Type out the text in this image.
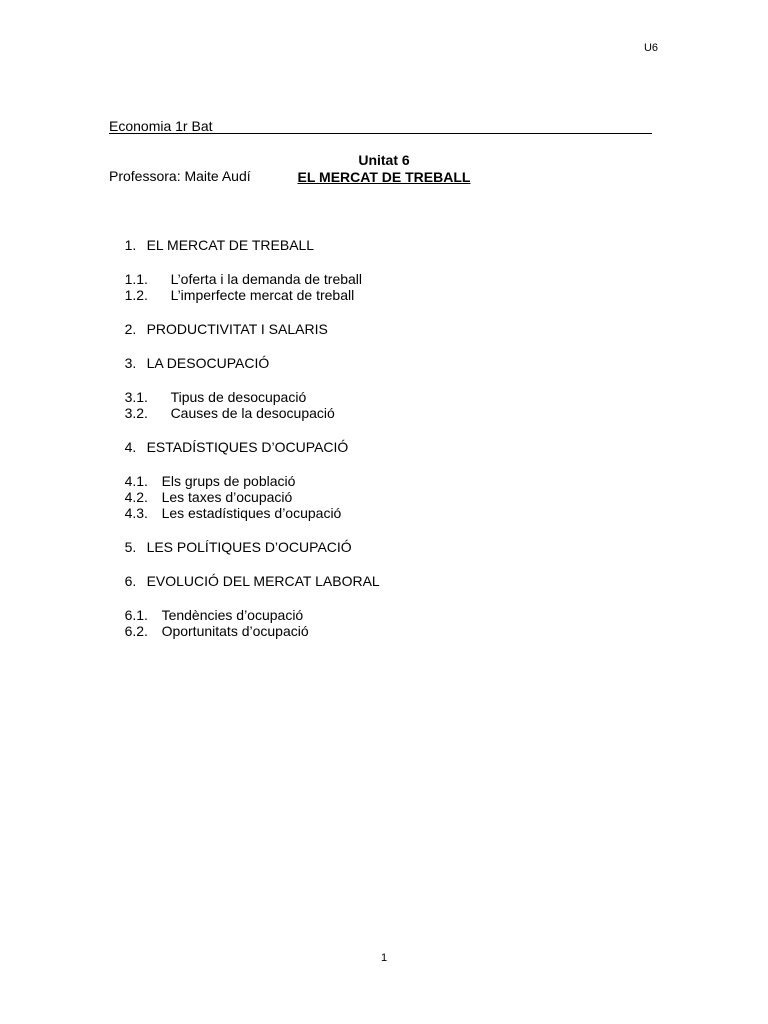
U6

Economia 1r Bat

Professora: Maite Audí

Unitat 6
EL MERCAT DE TREBALL

1. EL MERCAT DE TREBALL

1.1. L’oferta i la demanda de treball

1.2. L’imperfecte mercat de treball

2. PRODUCTIVITAT I SALARIS

3. LA DESOCUPACIÓ

3.1. Tipus de desocupació

3.2. Causes de la desocupació

4. ESTADÍSTIQUES D’OCUPACIÓ

4.1. Els grups de població

4.2. Les taxes d’ocupació

4.3. Les estadístiques d’ocupació

5. LES POLÍTIQUES D’OCUPACIÓ

6. EVOLUCIÓ DEL MERCAT LABORAL

6.1. Tendències d’ocupació

6.2. Oportunitats d’ocupació

1
